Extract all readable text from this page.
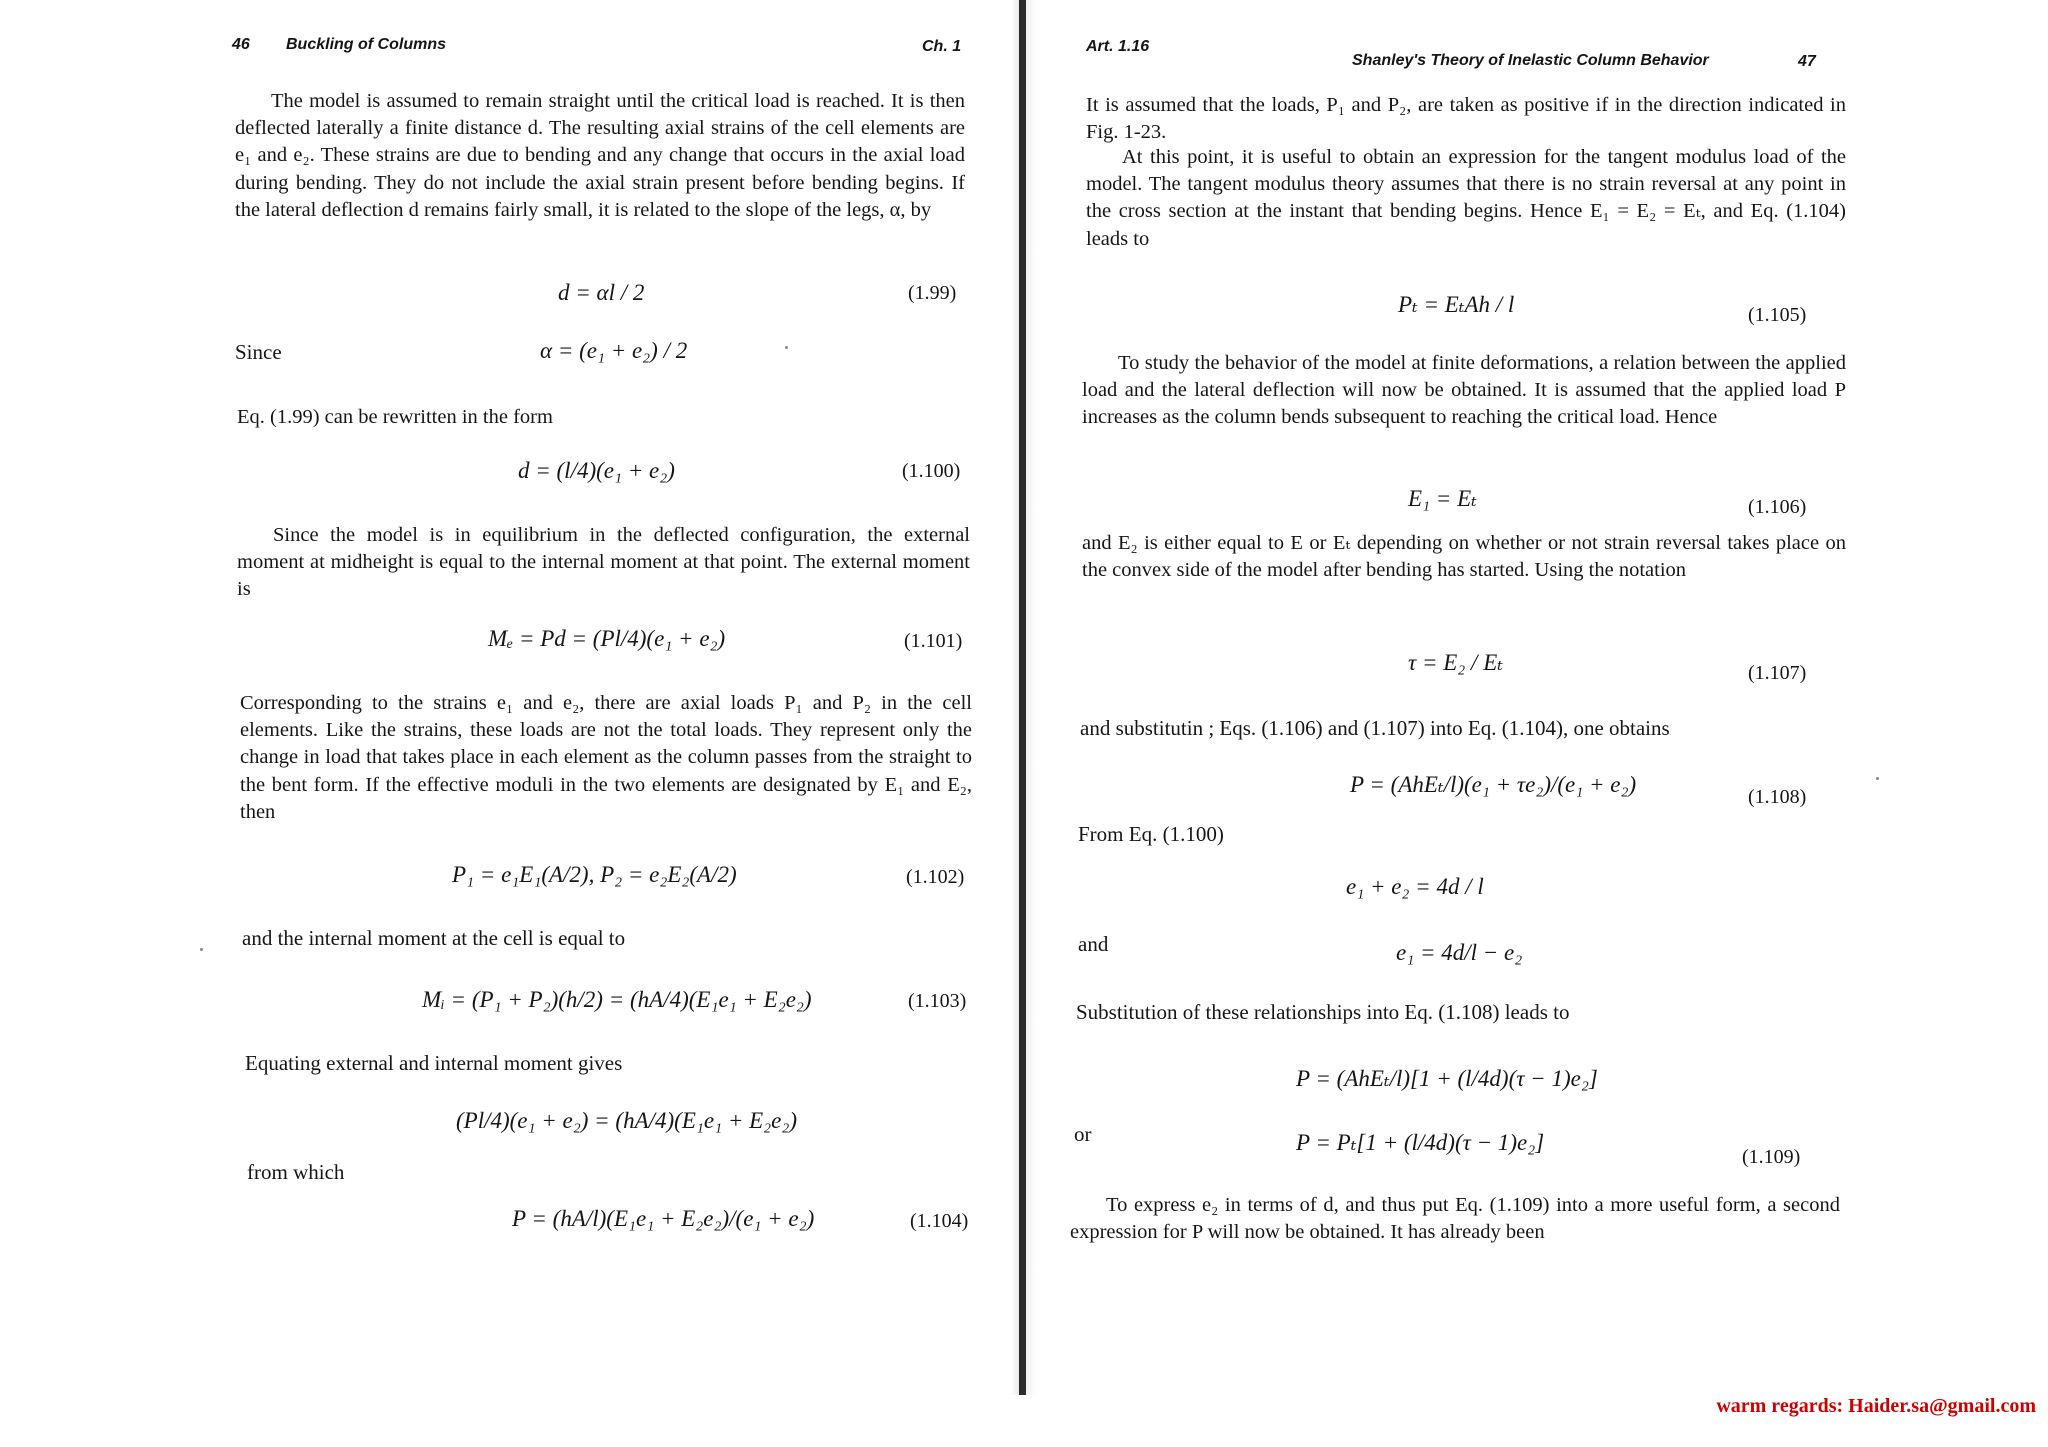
46 Buckling of Columns	Ch. 1
The model is assumed to remain straight until the critical load is reached. It is then deflected laterally a finite distance d. The resulting axial strains of the cell elements are e₁ and e₂. These strains are due to bending and any change that occurs in the axial load during bending. They do not include the axial strain present before bending begins. If the lateral deflection d remains fairly small, it is related to the slope of the legs, α, by
d = αl / 2	(1.99)
Since	α = (e₁ + e₂) / 2
Eq. (1.99) can be rewritten in the form
d = (l/4)(e₁ + e₂)	(1.100)
Since the model is in equilibrium in the deflected configuration, the external moment at midheight is equal to the internal moment at that point. The external moment is
Mₑ = Pd = (Pl/4)(e₁ + e₂)	(1.101)
Corresponding to the strains e₁ and e₂, there are axial loads P₁ and P₂ in the cell elements. Like the strains, these loads are not the total loads. They represent only the change in load that takes place in each element as the column passes from the straight to the bent form. If the effective moduli in the two elements are designated by E₁ and E₂, then
P₁ = e₁E₁(A/2), P₂ = e₂E₂(A/2)	(1.102)
and the internal moment at the cell is equal to
Mᵢ = (P₁ + P₂)(h/2) = (hA/4)(E₁e₁ + E₂e₂)	(1.103)
Equating external and internal moment gives
(Pl/4)(e₁ + e₂) = (hA/4)(E₁e₁ + E₂e₂)
from which
P = (hA/l)(E₁e₁ + E₂e₂)/(e₁ + e₂)	(1.104)
Art. 1.16
Shanley's Theory of Inelastic Column Behavior	47
It is assumed that the loads, P₁ and P₂, are taken as positive if in the direction indicated in Fig. 1-23.
At this point, it is useful to obtain an expression for the tangent modulus load of the model. The tangent modulus theory assumes that there is no strain reversal at any point in the cross section at the instant that bending begins. Hence E₁ = E₂ = Eₜ, and Eq. (1.104) leads to
Pₜ = EₜAh / l	(1.105)
To study the behavior of the model at finite deformations, a relation between the applied load and the lateral deflection will now be obtained. It is assumed that the applied load P increases as the column bends subsequent to reaching the critical load. Hence
E₁ = Eₜ	(1.106)
and E₂ is either equal to E or Eₜ depending on whether or not strain reversal takes place on the convex side of the model after bending has started. Using the notation
τ = E₂ / Eₜ	(1.107)
and substitutin ; Eqs. (1.106) and (1.107) into Eq. (1.104), one obtains
P = (AhEₜ/l)(e₁ + τe₂)/(e₁ + e₂)	(1.108)
From Eq. (1.100)
e₁ + e₂ = 4d / l
and	e₁ = 4d/l − e₂
Substitution of these relationships into Eq. (1.108) leads to
P = (AhEₜ/l)[1 + (l/4d)(τ − 1)e₂]
or	P = Pₜ[1 + (l/4d)(τ − 1)e₂]
(1.109)
To express e₂ in terms of d, and thus put Eq. (1.109) into a more useful form, a second expression for P will now be obtained. It has already been
warm regards: Haider.sa@gmail.com
